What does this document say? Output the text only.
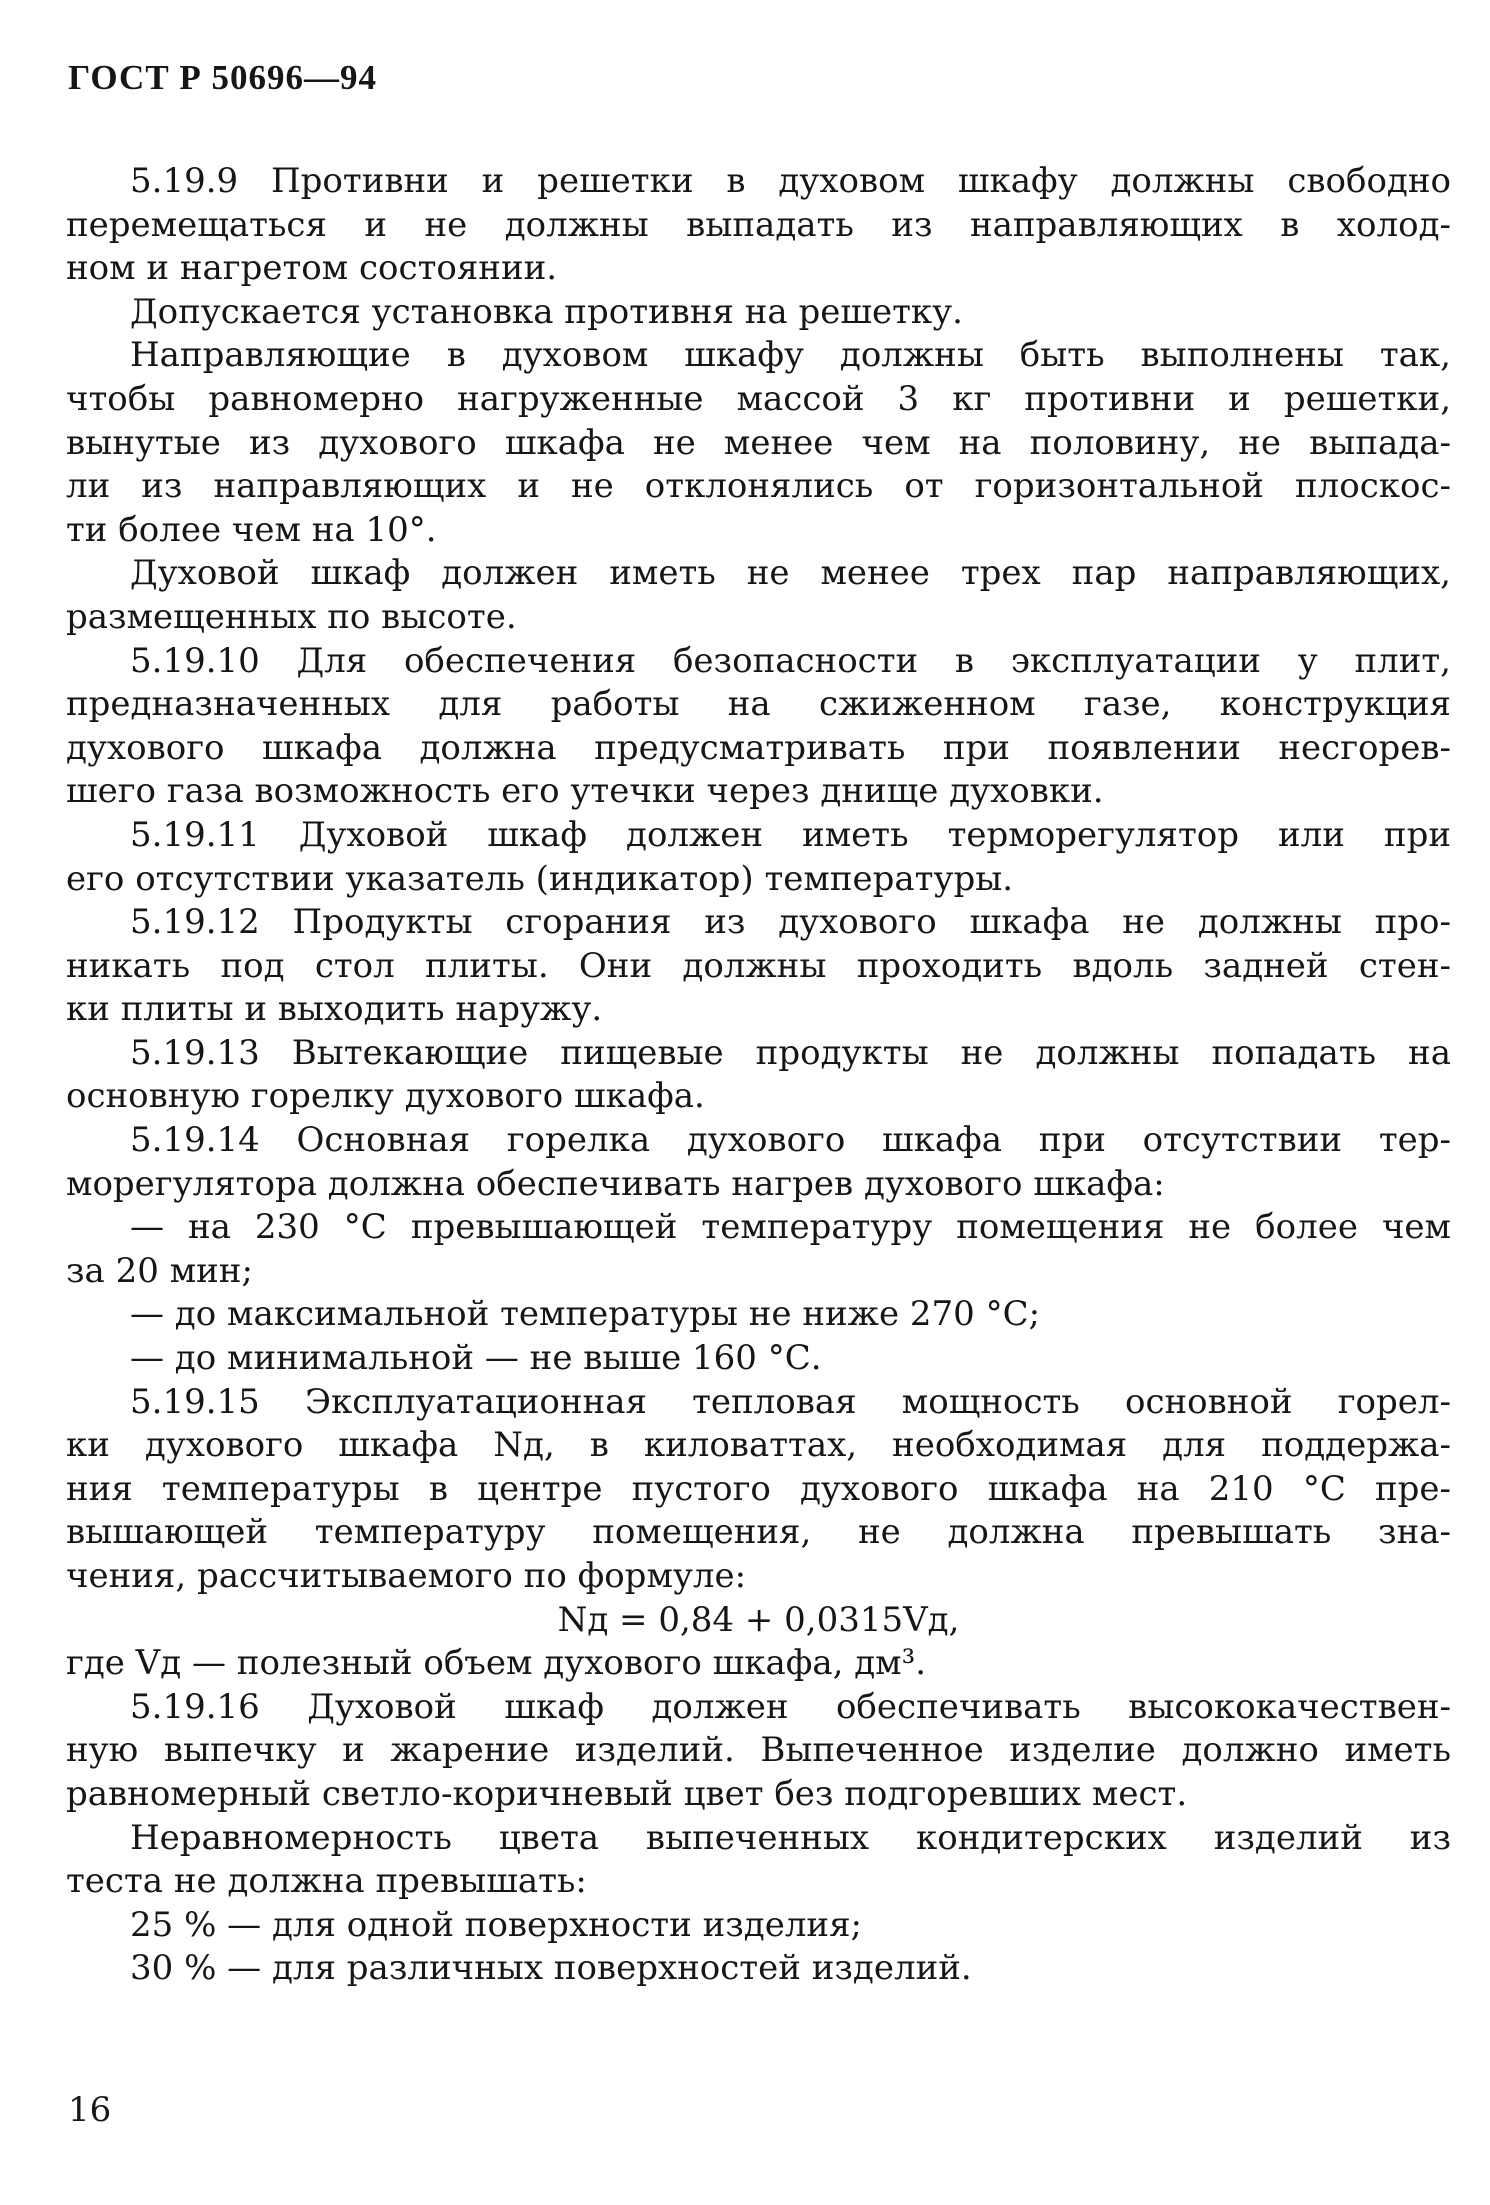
ГОСТ Р 50696—94
5.19.9 Противни и решетки в духовом шкафу должны свободно
перемещаться и не должны выпадать из направляющих в холод-
ном и нагретом состоянии.
Допускается установка противня на решетку.
Направляющие в духовом шкафу должны быть выполнены так,
чтобы равномерно нагруженные массой 3 кг противни и решетки,
вынутые из духового шкафа не менее чем на половину, не выпада-
ли из направляющих и не отклонялись от горизонтальной плоскос-
ти более чем на 10°.
Духовой шкаф должен иметь не менее трех пар направляющих,
размещенных по высоте.
5.19.10 Для обеспечения безопасности в эксплуатации у плит,
предназначенных для работы на сжиженном газе, конструкция
духового шкафа должна предусматривать при появлении несгорев-
шего газа возможность его утечки через днище духовки.
5.19.11 Духовой шкаф должен иметь терморегулятор или при
его отсутствии указатель (индикатор) температуры.
5.19.12 Продукты сгорания из духового шкафа не должны про-
никать под стол плиты. Они должны проходить вдоль задней стен-
ки плиты и выходить наружу.
5.19.13 Вытекающие пищевые продукты не должны попадать на
основную горелку духового шкафа.
5.19.14 Основная горелка духового шкафа при отсутствии тер-
морегулятора должна обеспечивать нагрев духового шкафа:
— на 230 °С превышающей температуру помещения не более чем
за 20 мин;
— до максимальной температуры не ниже 270 °С;
— до минимальной — не выше 160 °С.
5.19.15 Эксплуатационная тепловая мощность основной горел-
ки духового шкафа Nд, в киловаттах, необходимая для поддержа-
ния температуры в центре пустого духового шкафа на 210 °С пре-
вышающей температуру помещения, не должна превышать зна-
чения, рассчитываемого по формуле:
Nд = 0,84 + 0,0315Vд,
где Vд — полезный объем духового шкафа, дм³.
5.19.16 Духовой шкаф должен обеспечивать высококачествен-
ную выпечку и жарение изделий. Выпеченное изделие должно иметь
равномерный светло-коричневый цвет без подгоревших мест.
Неравномерность цвета выпеченных кондитерских изделий из
теста не должна превышать:
25 % — для одной поверхности изделия;
30 % — для различных поверхностей изделий.
16
